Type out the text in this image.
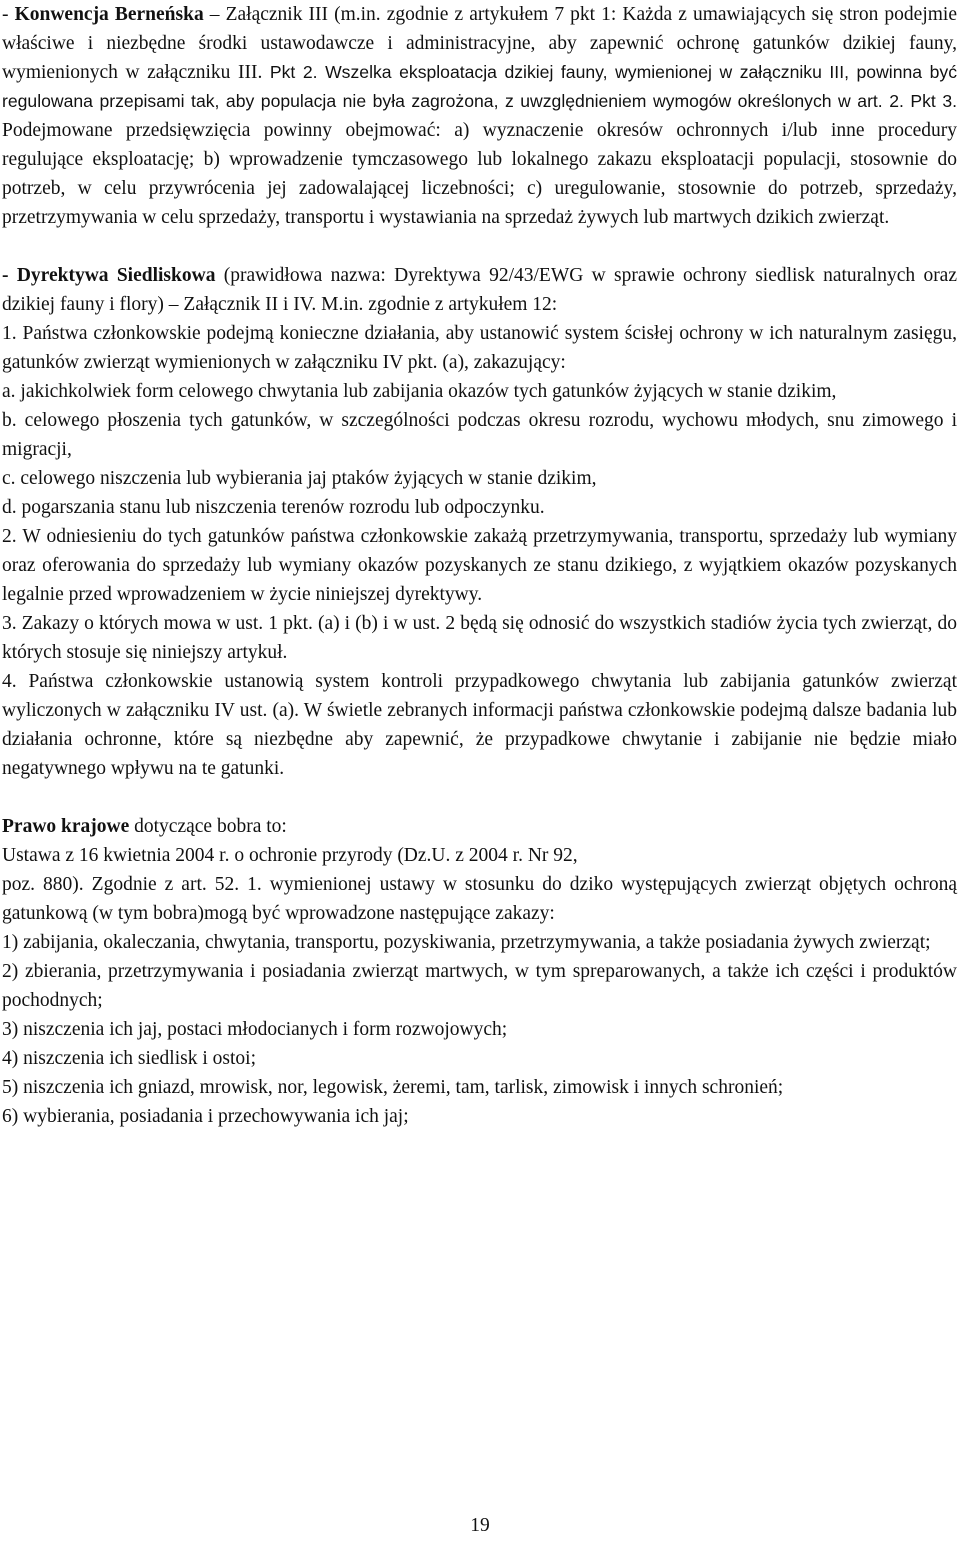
- Konwencja Berneńska – Załącznik III (m.in. zgodnie z artykułem 7 pkt 1: Każda z umawiających się stron podejmie właściwe i niezbędne środki ustawodawcze i administracyjne, aby zapewnić ochronę gatunków dzikiej fauny, wymienionych w załączniku III. Pkt 2. Wszelka eksploatacja dzikiej fauny, wymienionej w załączniku III, powinna być regulowana przepisami tak, aby populacja nie była zagrożona, z uwzględnieniem wymogów określonych w art. 2. Pkt 3. Podejmowane przedsięwzięcia powinny obejmować: a) wyznaczenie okresów ochronnych i/lub inne procedury regulujące eksploatację; b) wprowadzenie tymczasowego lub lokalnego zakazu eksploatacji populacji, stosownie do potrzeb, w celu przywrócenia jej zadowalającej liczebności; c) uregulowanie, stosownie do potrzeb, sprzedaży, przetrzymywania w celu sprzedaży, transportu i wystawiania na sprzedaż żywych lub martwych dzikich zwierząt.

- Dyrektywa Siedliskowa (prawidłowa nazwa: Dyrektywa 92/43/EWG w sprawie ochrony siedlisk naturalnych oraz dzikiej fauny i flory) – Załącznik II i IV. M.in. zgodnie z artykułem 12:

1. Państwa członkowskie podejmą konieczne działania, aby ustanowić system ścisłej ochrony w ich naturalnym zasięgu, gatunków zwierząt wymienionych w załączniku IV pkt. (a), zakazujący:

a. jakichkolwiek form celowego chwytania lub zabijania okazów tych gatunków żyjących w stanie dzikim,

b. celowego płoszenia tych gatunków, w szczególności podczas okresu rozrodu, wychowu młodych, snu zimowego i migracji,

c. celowego niszczenia lub wybierania jaj ptaków żyjących w stanie dzikim,

d. pogarszania stanu lub niszczenia terenów rozrodu lub odpoczynku.

2. W odniesieniu do tych gatunków państwa członkowskie zakażą przetrzymywania, transportu, sprzedaży lub wymiany oraz oferowania do sprzedaży lub wymiany okazów pozyskanych ze stanu dzikiego, z wyjątkiem okazów pozyskanych legalnie przed wprowadzeniem w życie niniejszej dyrektywy.

3. Zakazy o których mowa w ust. 1 pkt. (a) i (b) i w ust. 2 będą się odnosić do wszystkich stadiów życia tych zwierząt, do których stosuje się niniejszy artykuł.

4. Państwa członkowskie ustanowią system kontroli przypadkowego chwytania lub zabijania gatunków zwierząt wyliczonych w załączniku IV ust. (a). W świetle zebranych informacji państwa członkowskie podejmą dalsze badania lub działania ochronne, które są niezbędne aby zapewnić, że przypadkowe chwytanie i zabijanie nie będzie miało negatywnego wpływu na te gatunki.

Prawo krajowe dotyczące bobra to:

Ustawa z 16 kwietnia 2004 r. o ochronie przyrody (Dz.U. z 2004 r. Nr 92,

poz. 880). Zgodnie z art. 52. 1. wymienionej ustawy w stosunku do dziko występujących zwierząt objętych ochroną gatunkową (w tym bobra)mogą być wprowadzone następujące zakazy:

1) zabijania, okaleczania, chwytania, transportu, pozyskiwania, przetrzymywania, a także posiadania żywych zwierząt;

2) zbierania, przetrzymywania i posiadania zwierząt martwych, w tym spreparowanych, a także ich części i produktów pochodnych;

3) niszczenia ich jaj, postaci młodocianych i form rozwojowych;

4) niszczenia ich siedlisk i ostoi;

5) niszczenia ich gniazd, mrowisk, nor, legowisk, żeremi, tam, tarlisk, zimowisk i innych schronień;

6) wybierania, posiadania i przechowywania ich jaj;

19
